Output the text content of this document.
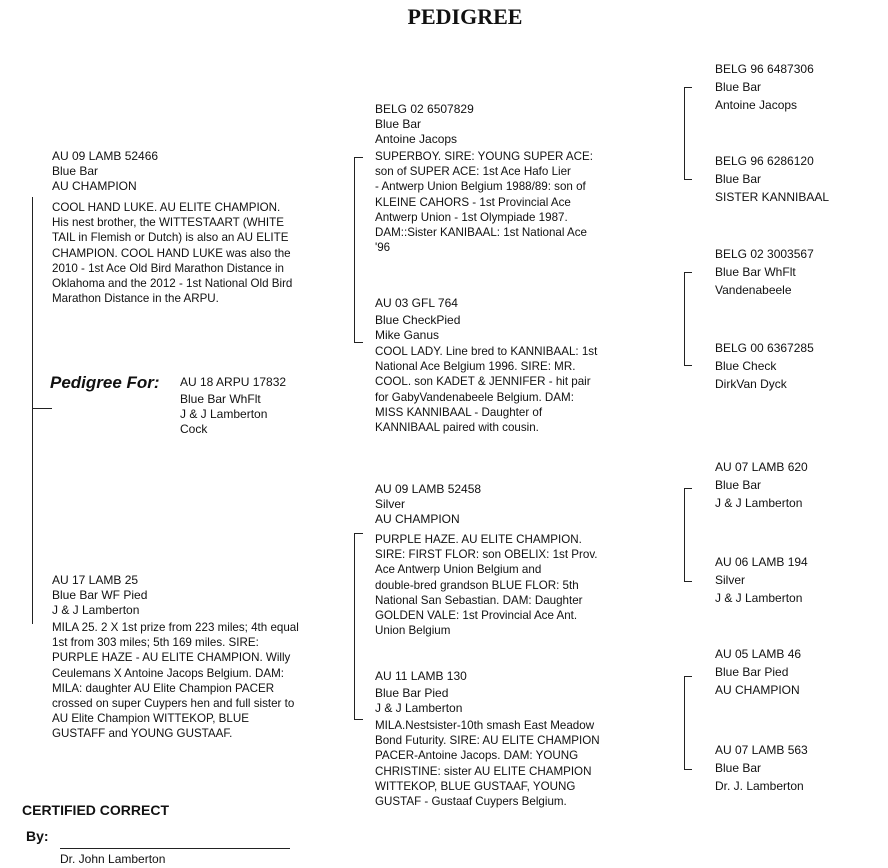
PEDIGREE
AU 09 LAMB 52466
Blue Bar
AU CHAMPION
COOL HAND LUKE. AU ELITE CHAMPION.
His nest brother, the WITTESTAART (WHITE
TAIL in Flemish or Dutch) is also an AU ELITE
CHAMPION. COOL HAND LUKE was also the
2010 - 1st Ace Old Bird Marathon Distance in
Oklahoma and the 2012 - 1st National Old Bird
Marathon Distance in the ARPU.
Pedigree For: AU 18 ARPU 17832
Blue Bar WhFlt
J & J Lamberton
Cock
AU 17 LAMB 25
Blue Bar WF Pied
J & J Lamberton
MILA 25. 2 X 1st prize from 223 miles; 4th equal
1st from 303 miles; 5th 169 miles. SIRE:
PURPLE HAZE - AU ELITE CHAMPION. Willy
Ceulemans X Antoine Jacops Belgium. DAM:
MILA: daughter AU Elite Champion PACER
crossed on super Cuypers hen and full sister to
AU Elite Champion WITTEKOP, BLUE
GUSTAFF and YOUNG GUSTAAF.
BELG 02 6507829
Blue Bar
Antoine Jacops
SUPERBOY. SIRE: YOUNG SUPER ACE:
son of SUPER ACE: 1st Ace Hafo Lier
- Antwerp Union Belgium 1988/89: son of
KLEINE CAHORS - 1st Provincial Ace
Antwerp Union - 1st Olympiade 1987.
DAM::Sister KANIBAAL: 1st National Ace
'96
AU 03 GFL 764
Blue CheckPied
Mike Ganus
COOL LADY. Line bred to KANNIBAAL: 1st
National Ace Belgium 1996. SIRE: MR.
COOL. son KADET & JENNIFER - hit pair
for GabyVandenabeele Belgium. DAM:
MISS KANNIBAAL - Daughter of
KANNIBAAL paired with cousin.
AU 09 LAMB 52458
Silver
AU CHAMPION
PURPLE HAZE. AU ELITE CHAMPION.
SIRE: FIRST FLOR: son OBELIX: 1st Prov.
Ace Antwerp Union Belgium and
double-bred grandson BLUE FLOR: 5th
National San Sebastian. DAM: Daughter
GOLDEN VALE: 1st Provincial Ace Ant.
Union Belgium
AU 11 LAMB 130
Blue Bar Pied
J & J Lamberton
MILA.Nestsister-10th smash East Meadow
Bond Futurity. SIRE: AU ELITE CHAMPION
PACER-Antoine Jacops. DAM: YOUNG
CHRISTINE: sister AU ELITE CHAMPION
WITTEKOP, BLUE GUSTAAF, YOUNG
GUSTAF - Gustaaf Cuypers Belgium.
BELG 96 6487306
Blue Bar
Antoine Jacops
BELG 96 6286120
Blue Bar
SISTER KANNIBAAL
BELG 02 3003567
Blue Bar WhFlt
Vandenabeele
BELG 00 6367285
Blue Check
DirkVan Dyck
AU 07 LAMB 620
Blue Bar
J & J Lamberton
AU 06 LAMB 194
Silver
J & J Lamberton
AU 05 LAMB 46
Blue Bar Pied
AU CHAMPION
AU 07 LAMB 563
Blue Bar
Dr. J. Lamberton
CERTIFIED CORRECT
By:
Dr. John Lamberton
